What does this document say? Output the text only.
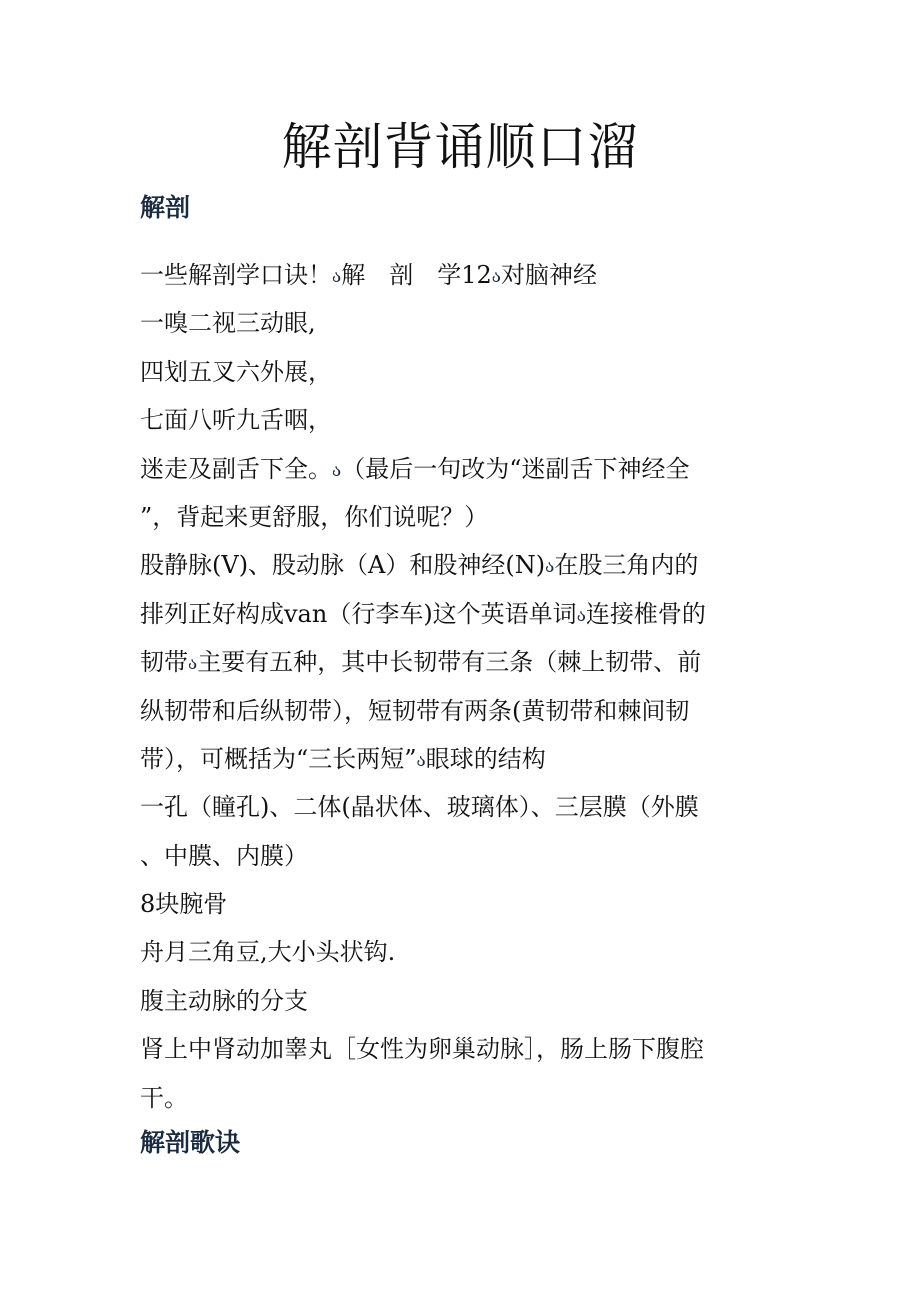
解剖背诵顺口溜
解剖
一些解剖学口诀！ა解　剖　学12ა对脑神经
一嗅二视三动眼,
四划五叉六外展，
七面八听九舌咽，
迷走及副舌下全。ა（最后一句改为“迷副舌下神经全
”，背起来更舒服，你们说呢？）
股静脉(Ⅴ)、股动脉（A）和股神经(N)ა在股三角内的
排列正好构成van（行李车)这个英语单词ა连接椎骨的
韧带ა主要有五种，其中长韧带有三条（棘上韧带、前
纵韧带和后纵韧带），短韧带有两条(黄韧带和棘间韧
带），可概括为“三长两短”ა眼球的结构
一孔（瞳孔)、二体(晶状体、玻璃体）、三层膜（外膜
、中膜、内膜）
8块腕骨
舟月三角豆,大小头状钩.
腹主动脉的分支
肾上中肾动加睾丸［女性为卵巢动脉］，肠上肠下腹腔
干。
解剖歌诀
